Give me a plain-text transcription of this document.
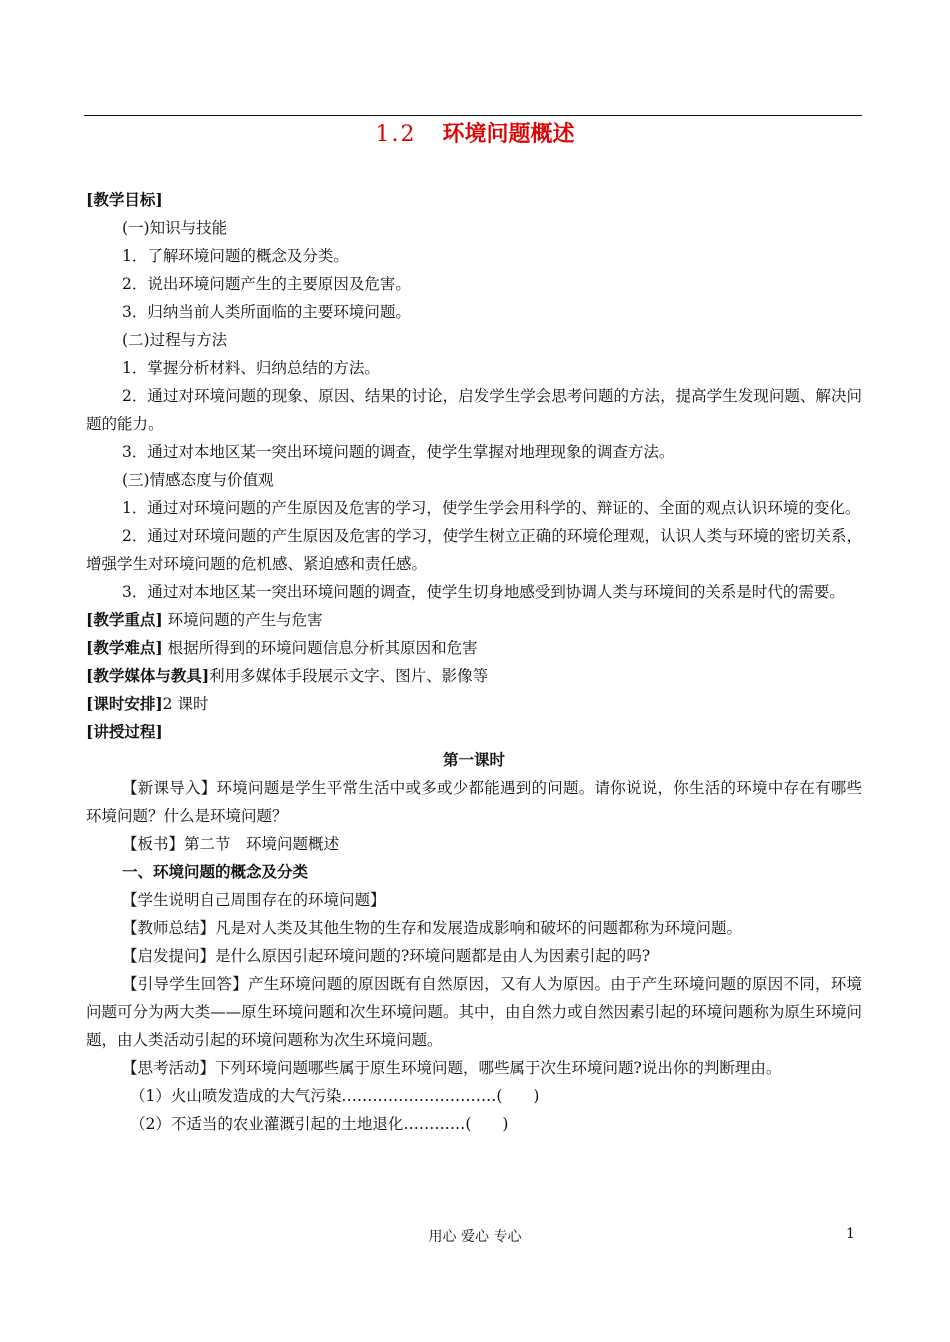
1.2 环境问题概述
[教学目标]
(一)知识与技能
1．了解环境问题的概念及分类。
2．说出环境问题产生的主要原因及危害。
3．归纳当前人类所面临的主要环境问题。
(二)过程与方法
1．掌握分析材料、归纳总结的方法。
2．通过对环境问题的现象、原因、结果的讨论，启发学生学会思考问题的方法，提高学生发现问题、解决问题的能力。
3．通过对本地区某一突出环境问题的调查，使学生掌握对地理现象的调查方法。
(三)情感态度与价值观
1．通过对环境问题的产生原因及危害的学习，使学生学会用科学的、辩证的、全面的观点认识环境的变化。
2．通过对环境问题的产生原因及危害的学习，使学生树立正确的环境伦理观，认识人类与环境的密切关系，增强学生对环境问题的危机感、紧迫感和责任感。
3．通过对本地区某一突出环境问题的调查，使学生切身地感受到协调人类与环境间的关系是时代的需要。
[教学重点] 环境问题的产生与危害
[教学难点] 根据所得到的环境问题信息分析其原因和危害
[教学媒体与教具]利用多媒体手段展示文字、图片、影像等
[课时安排]2 课时
[讲授过程]
第一课时
【新课导入】环境问题是学生平常生活中或多或少都能遇到的问题。请你说说，你生活的环境中存在有哪些环境问题？什么是环境问题？
【板书】第二节　环境问题概述
一、环境问题的概念及分类
【学生说明自己周围存在的环境问题】
【教师总结】凡是对人类及其他生物的生存和发展造成影响和破坏的问题都称为环境问题。
【启发提问】是什么原因引起环境问题的?环境问题都是由人为因素引起的吗?
【引导学生回答】产生环境问题的原因既有自然原因，又有人为原因。由于产生环境问题的原因不同，环境问题可分为两大类——原生环境问题和次生环境问题。其中，由自然力或自然因素引起的环境问题称为原生环境问题，由人类活动引起的环境问题称为次生环境问题。
【思考活动】下列环境问题哪些属于原生环境问题，哪些属于次生环境问题?说出你的判断理由。
（1）火山喷发造成的大气污染…………………………(　　)
（2）不适当的农业灌溉引起的土地退化…………(　　)
用心 爱心 专心	1
